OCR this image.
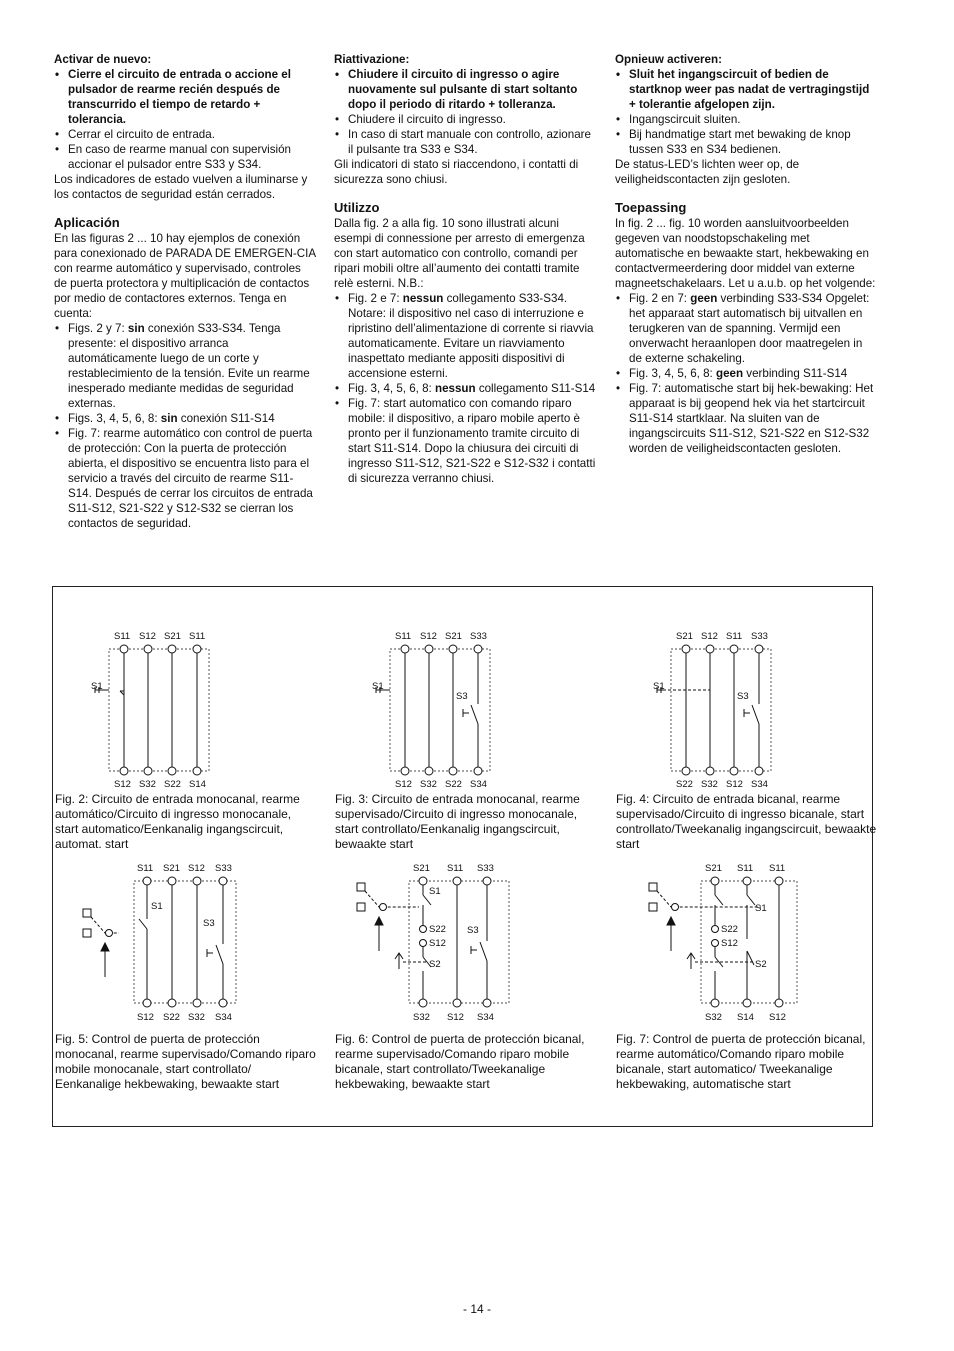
Activar de nuevo:

• Cierre el circuito de entrada o accione el pulsador de rearme recién después de transcurrido el tiempo de retardo + tolerancia.
• Cerrar el circuito de entrada.
• En caso de rearme manual con supervisión accionar el pulsador entre S33 y S34.

Los indicadores de estado vuelven a iluminarse y los contactos de seguridad están cerrados.

Aplicación

En las figuras 2 ... 10 hay ejemplos de conexión para conexionado de PARADA DE EMERGEN-CIA con rearme automático y supervisado, controles de puerta protectora y multiplicación de contactos por medio de contactores externos. Tenga en cuenta:

• Figs. 2 y 7: sin conexión S33-S34. Tenga presente: el dispositivo arranca automáticamente luego de un corte y restablecimiento de la tensión. Evite un rearme inesperado mediante medidas de seguridad externas.
• Figs. 3, 4, 5, 6, 8: sin conexión S11-S14
• Fig. 7: rearme automático con control de puerta de protección: Con la puerta de protección abierta, el dispositivo se encuentra listo para el servicio a través del circuito de rearme S11-S14. Después de cerrar los circuitos de entrada S11-S12, S21-S22 y S12-S32 se cierran los contactos de seguridad.

Riattivazione:

• Chiudere il circuito di ingresso o agire nuovamente sul pulsante di start soltanto dopo il periodo di ritardo + tolleranza.
• Chiudere il circuito di ingresso.
• In caso di start manuale con controllo, azionare il pulsante tra S33 e S34.

Gli indicatori di stato si riaccendono, i contatti di sicurezza sono chiusi.

Utilizzo

Dalla fig. 2 a alla fig. 10 sono illustrati alcuni esempi di connessione per arresto di emergenza con start automatico con controllo, comandi per ripari mobili oltre all’aumento dei contatti tramite relè esterni. N.B.:

• Fig. 2 e 7: nessun collegamento S33-S34. Notare: il dispositivo nel caso di interruzione e ripristino dell’alimentazione di corrente si riavvia automaticamente. Evitare un riavviamento inaspettato mediante appositi dispositivi di accensione esterni.
• Fig. 3, 4, 5, 6, 8: nessun collegamento S11-S14
• Fig. 7: start automatico con comando riparo mobile: il dispositivo, a riparo mobile aperto è pronto per il funzionamento tramite circuito di start S11-S14. Dopo la chiusura dei circuiti di ingresso S11-S12, S21-S22 e S12-S32 i contatti di sicurezza verranno chiusi.

Opnieuw activeren:

• Sluit het ingangscircuit of bedien de startknop weer pas nadat de vertragingstijd + tolerantie afgelopen zijn.
• Ingangscircuit sluiten.
• Bij handmatige start met bewaking de knop tussen S33 en S34 bedienen.

De status-LED’s lichten weer op, de veiligheidscontacten zijn gesloten.

Toepassing

In fig. 2 ... fig. 10 worden aansluitvoorbeelden gegeven van noodstopschakeling met automatische en bewaakte start, hekbewaking en contactvermeerdering door middel van externe magneetschakelaars. Let u a.u.b. op het volgende:

• Fig. 2 en 7: geen verbinding S33-S34 Opgelet: het apparaat start automatisch bij uitvallen en terugkeren van de spanning. Vermijd een onverwacht heraanlopen door maatregelen in de externe schakeling.
• Fig. 3, 4, 5, 6, 8: geen verbinding S11-S14
• Fig. 7: automatische start bij hek-bewaking: Het apparaat is bij geopend hek via het startcircuit S11-S14 startklaar. Na sluiten van de ingangscircuits S11-S12, S21-S22 en S12-S32 worden de veiligheidscontacten gesloten.
S11 S12 S21 S11
S12 S32 S22 S14
S1
Fig. 2: Circuito de entrada monocanal, rearme automático/Circuito di ingresso monocanale, start automatico/Eenkanalig ingangscircuit, automat. start
S11 S12 S21 S33
S12 S32 S22 S34
S1
S3
Fig. 3: Circuito de entrada monocanal, rearme supervisado/Circuito di ingresso monocanale, start controllato/Eenkanalig ingangscircuit, bewaakte start
S21 S12 S11 S33
S22 S32 S12 S34
S1
S3
Fig. 4: Circuito de entrada bicanal, rearme supervisado/Circuito di ingresso bicanale, start controllato/Tweekanalig ingangscircuit, bewaakte start
S11 S21 S12 S33
S12 S22 S32 S34
S1
S3
Fig. 5: Control de puerta de protección monocanal, rearme supervisado/Comando riparo mobile monocanale, start controllato/ Eenkanalige hekbewaking, bewaakte start
S21 S11 S33
S32 S12 S34
S1
S22
S12
S2
S3
Fig. 6: Control de puerta de protección bicanal, rearme supervisado/Comando riparo mobile bicanale, start controllato/Tweekanalige hekbewaking, bewaakte start
S21 S11 S11
S32 S14 S12
S1
S22
S12
S2
Fig. 7: Control de puerta de protección bicanal, rearme automático/Comando riparo mobile bicanale, start automatico/ Tweekanalige hekbewaking, automatische start
- 14 -
